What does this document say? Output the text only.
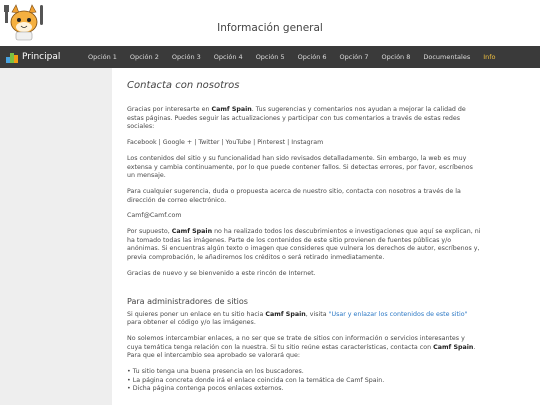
Información general
Principal	Opción 1 Opción 2 Opción 3 Opción 4 Opción 5 Opción 6 Opción 7 Opción 8 Documentales Info
Contacta con nosotros

Gracias por interesarte en Camf Spain. Tus sugerencias y comentarios nos ayudan a mejorar la calidad de estas páginas. Puedes seguir las actualizaciones y participar con tus comentarios a través de estas redes sociales:

Facebook | Google + | Twitter | YouTube | Pinterest | Instagram

Los contenidos del sitio y su funcionalidad han sido revisados detalladamente. Sin embargo, la web es muy extensa y cambia continuamente, por lo que puede contener fallos. Si detectas errores, por favor, escríbenos un mensaje.

Para cualquier sugerencia, duda o propuesta acerca de nuestro sitio, contacta con nosotros a través de la dirección de correo electrónico.

Camf@Camf.com

Por supuesto, Camf Spain no ha realizado todos los descubrimientos e investigaciones que aquí se explican, ni ha tomado todas las imágenes. Parte de los contenidos de este sitio provienen de fuentes públicas y/o anónimas. Si encuentras algún texto o imagen que consideres que vulnera los derechos de autor, escríbenos y, previa comprobación, le añadiremos los créditos o será retirado inmediatamente.

Gracias de nuevo y se bienvenido a este rincón de Internet.

Para administradores de sitios

Si quieres poner un enlace en tu sitio hacia Camf Spain, visita "Usar y enlazar los contenidos de este sitio" para obtener el código y/o las imágenes.

No solemos intercambiar enlaces, a no ser que se trate de sitios con información o servicios interesantes y cuya temática tenga relación con la nuestra. Si tu sitio reúne estas características, contacta con Camf Spain. Para que el intercambio sea aprobado se valorará que:

• Tu sitio tenga una buena presencia en los buscadores.
• La página concreta donde irá el enlace coincida con la temática de Camf Spain.
• Dicha página contenga pocos enlaces externos.
